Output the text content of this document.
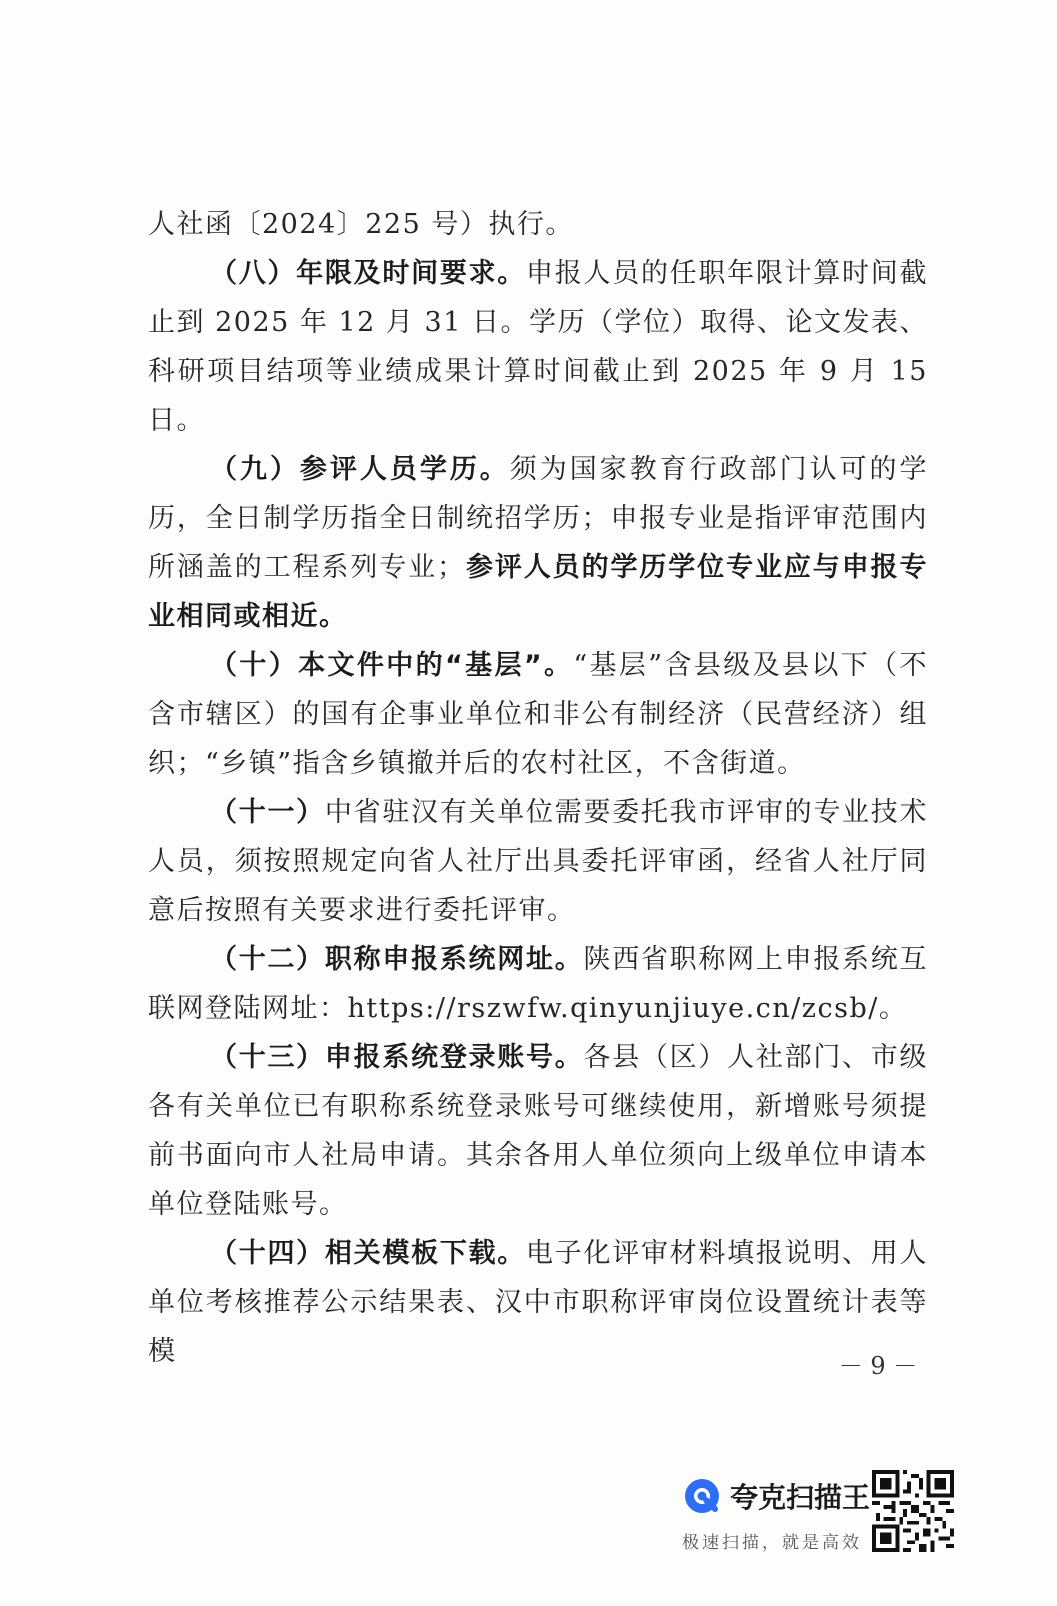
人社函〔2024〕225 号）执行。

（八）年限及时间要求。申报人员的任职年限计算时间截止到 2025 年 12 月 31 日。学历（学位）取得、论文发表、科研项目结项等业绩成果计算时间截止到 2025 年 9 月 15 日。

（九）参评人员学历。须为国家教育行政部门认可的学历，全日制学历指全日制统招学历；申报专业是指评审范围内所涵盖的工程系列专业；参评人员的学历学位专业应与申报专业相同或相近。

（十）本文件中的“基层”。“基层”含县级及县以下（不含市辖区）的国有企事业单位和非公有制经济（民营经济）组织；“乡镇”指含乡镇撤并后的农村社区，不含街道。

（十一）中省驻汉有关单位需要委托我市评审的专业技术人员，须按照规定向省人社厅出具委托评审函，经省人社厅同意后按照有关要求进行委托评审。

（十二）职称申报系统网址。陕西省职称网上申报系统互联网登陆网址：https://rszwfw.qinyunjiuye.cn/zcsb/。

（十三）申报系统登录账号。各县（区）人社部门、市级各有关单位已有职称系统登录账号可继续使用，新增账号须提前书面向市人社局申请。其余各用人单位须向上级单位申请本单位登陆账号。

（十四）相关模板下载。电子化评审材料填报说明、用人单位考核推荐公示结果表、汉中市职称评审岗位设置统计表等模	－ 9 －
夸克扫描王
极速扫描，就是高效
